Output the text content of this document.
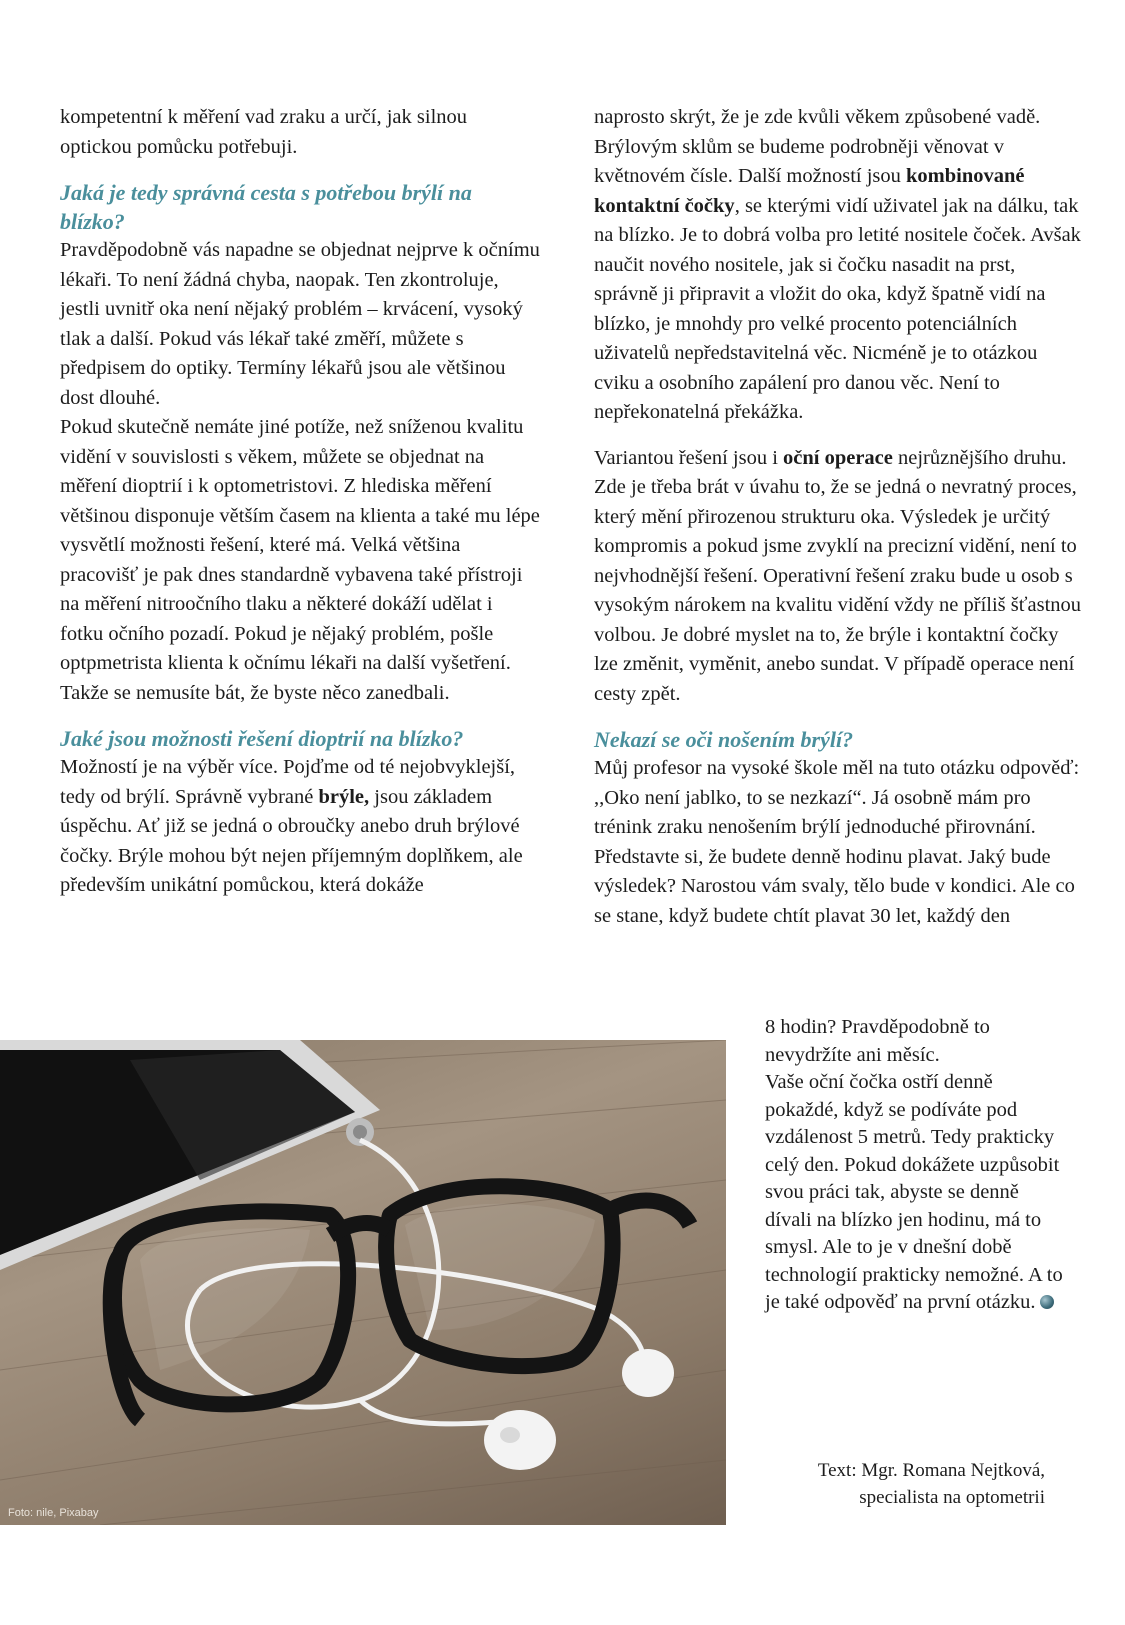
kompetentní k měření vad zraku a určí, jak silnou optickou pomůcku potřebuji.

Jaká je tedy správná cesta s potřebou brýlí na blízko?

Pravděpodobně vás napadne se objednat nejprve k očnímu lékaři. To není žádná chyba, naopak. Ten zkontroluje, jestli uvnitř oka není nějaký problém – krvácení, vysoký tlak a další. Pokud vás lékař také změří, můžete s předpisem do optiky. Termíny lékařů jsou ale většinou dost dlouhé.

Pokud skutečně nemáte jiné potíže, než sníženou kvalitu vidění v souvislosti s věkem, můžete se objednat na měření dioptrií i k optometristovi. Z hlediska měření většinou disponuje větším časem na klienta a také mu lépe vysvětlí možnosti řešení, které má. Velká většina pracovišť je pak dnes standardně vybavena také přístroji na měření nitroočního tlaku a některé dokáží udělat i fotku očního pozadí. Pokud je nějaký problém, pošle optpmetrista klienta k očnímu lékaři na další vyšetření. Takže se nemusíte bát, že byste něco zanedbali.

Jaké jsou možnosti řešení dioptrií na blízko?

Možností je na výběr více. Pojďme od té nejobvyklejší, tedy od brýlí. Správně vybrané brýle, jsou základem úspěchu. Ať již se jedná o obroučky anebo druh brýlové čočky. Brýle mohou být nejen příjemným doplňkem, ale především unikátní pomůckou, která dokáže

naprosto skrýt, že je zde kvůli věkem způsobené vadě. Brýlovým sklům se budeme podrobněji věnovat v květnovém čísle. Další možností jsou kombinované kontaktní čočky, se kterými vidí uživatel jak na dálku, tak na blízko. Je to dobrá volba pro letité nositele čoček. Avšak naučit nového nositele, jak si čočku nasadit na prst, správně ji připravit a vložit do oka, když špatně vidí na blízko, je mnohdy pro velké procento potenciálních uživatelů nepředstavitelná věc. Nicméně je to otázkou cviku a osobního zapálení pro danou věc. Není to nepřekonatelná překážka.

Variantou řešení jsou i oční operace nejrůznějšího druhu. Zde je třeba brát v úvahu to, že se jedná o nevratný proces, který mění přirozenou strukturu oka. Výsledek je určitý kompromis a pokud jsme zvyklí na precizní vidění, není to nejvhodnější řešení. Operativní řešení zraku bude u osob s vysokým nárokem na kvalitu vidění vždy ne příliš šťastnou volbou. Je dobré myslet na to, že brýle i kontaktní čočky lze změnit, vyměnit, anebo sundat. V případě operace není cesty zpět.

Nekazí se oči nošením brýlí?

Můj profesor na vysoké škole měl na tuto otázku odpověď: ,,Oko není jablko, to se nezkazí“. Já osobně mám pro trénink zraku nenošením brýlí jednoduché přirovnání. Představte si, že budete denně hodinu plavat. Jaký bude výsledek? Narostou vám svaly, tělo bude v kondici. Ale co se stane, když budete chtít plavat 30 let, každý den

8 hodin? Pravděpodobně to nevydržíte ani měsíc.

Vaše oční čočka ostří denně pokaždé, když se podíváte pod vzdálenost 5 metrů. Tedy prakticky celý den. Pokud dokážete uzpůsobit svou práci tak, abyste se denně dívali na blízko jen hodinu, má to smysl. Ale to je v dnešní době technologií prakticky nemožné. A to je také odpověď na první otázku.

Foto: nile, Pixabay
Text: Mgr. Romana Nejtková,
specialista na optometrii
